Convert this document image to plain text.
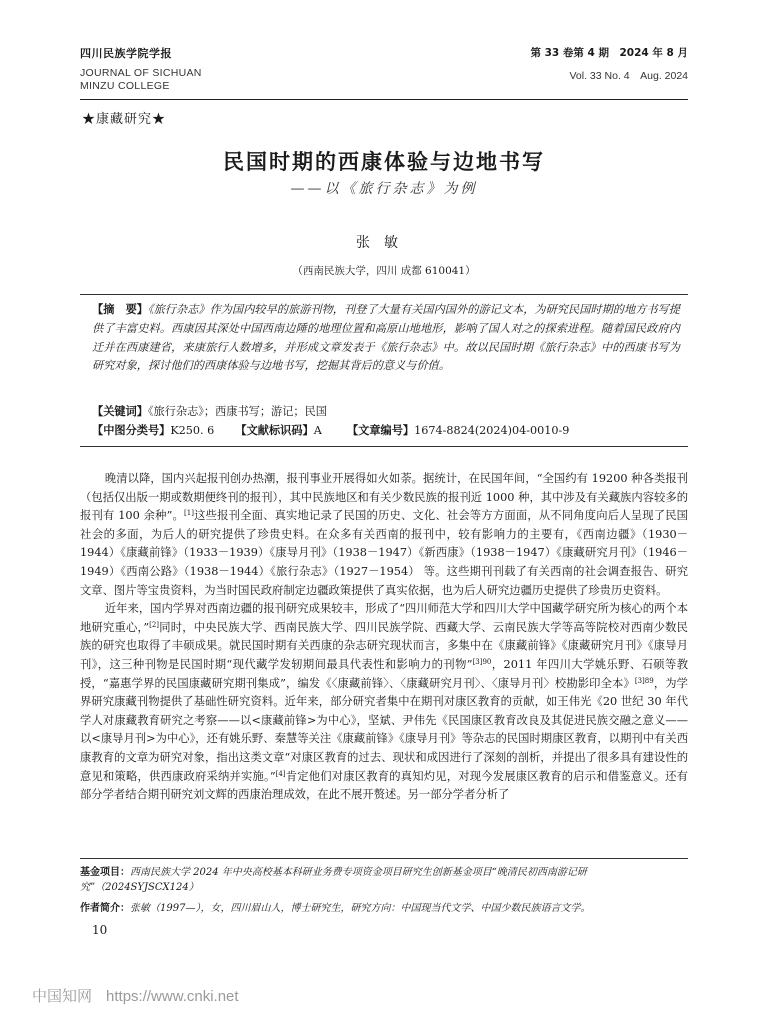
四川民族学院学报
JOURNAL OF SICHUAN
MINZU COLLEGE
第 33 卷第 4 期　2024 年 8 月
Vol. 33 No. 4　Aug. 2024
★康藏研究★
民国时期的西康体验与边地书写
——以《旅行杂志》为例
张敏
（西南民族大学，四川 成都 610041）
【摘　要】《旅行杂志》作为国内较早的旅游刊物，刊登了大量有关国内国外的游记文本，为研究民国时期的地方书写提供了丰富史料。西康因其深处中国西南边陲的地理位置和高原山地地形，影响了国人对之的探索进程。随着国民政府内迁并在西康建省，来康旅行人数增多，并形成文章发表于《旅行杂志》中。故以民国时期《旅行杂志》中的西康书写为研究对象，探讨他们的西康体验与边地书写，挖掘其背后的意义与价值。
【关键词】《旅行杂志》；西康书写；游记；民国
【中图分类号】K250. 6 【文献标识码】A 【文章编号】1674-8824(2024)04-0010-9

晚清以降，国内兴起报刊创办热潮，报刊事业开展得如火如荼。据统计，在民国年间，“全国约有 19200 种各类报刊（包括仅出版一期或数期便终刊的报刊），其中民族地区和有关少数民族的报刊近 1000 种，其中涉及有关藏族内容较多的报刊有 100 余种”。[1]这些报刊全面、真实地记录了民国的历史、文化、社会等方方面面，从不同角度向后人呈现了民国社会的多面，为后人的研究提供了珍贵史料。在众多有关西南的报刊中，较有影响力的主要有，《西南边疆》（1930－1944）《康藏前锋》（1933－1939）《康导月刊》（1938－1947）《新西康》（1938－1947）《康藏研究月刊》（1946－1949）《西南公路》（1938－1944）《旅行杂志》（1927－1954） 等。这些期刊刊载了有关西南的社会调查报告、研究文章、图片等宝贵资料，为当时国民政府制定边疆政策提供了真实依据，也为后人研究边疆历史提供了珍贵历史资料。

近年来，国内学界对西南边疆的报刊研究成果较丰，形成了“四川师范大学和四川大学中国藏学研究所为核心的两个本地研究重心，”[2]同时，中央民族大学、西南民族大学、四川民族学院、西藏大学、云南民族大学等高等院校对西南少数民族的研究也取得了丰硕成果。就民国时期有关西康的杂志研究现状而言，多集中在《康藏前锋》《康藏研究月刊》《康导月刊》，这三种刊物是民国时期“现代藏学发轫期间最具代表性和影响力的刊物”$^{[3]90}$，2011 年四川大学姚乐野、石硕等教授，“嘉惠学界的民国康藏研究期刊集成”，编发《〈康藏前锋〉、〈康藏研究月刊〉、〈康导月刊〉校勘影印全本》$^{[3]89}$，为学界研究康藏刊物提供了基础性研究资料。近年来，部分研究者集中在期刊对康区教育的贡献，如王伟光《20 世纪 30 年代学人对康藏教育研究之考察——以<康藏前锋>为中心》，坚斌、尹伟先《民国康区教育改良及其促进民族交融之意义——以<康导月刊>为中心》，还有姚乐野、秦慧等关注《康藏前锋》《康导月刊》等杂志的民国时期康区教育，以期刊中有关西康教育的文章为研究对象，指出这类文章“对康区教育的过去、现状和成因进行了深刻的剖析，并提出了很多具有建设性的意见和策略，供西康政府采纳并实施。”[4]肯定他们对康区教育的真知灼见，对现今发展康区教育的启示和借鉴意义。还有部分学者结合期刊研究刘文辉的西康治理成效，在此不展开赘述。另一部分学者分析了

基金项目：西南民族大学 2024 年中央高校基本科研业务费专项资金项目研究生创新基金项目“晚清民初西南游记研究”（2024SYJSCX124）
作者简介：张敏（1997—），女，四川眉山人，博士研究生，研究方向：中国现当代文学、中国少数民族语言文学。
10
中国知网 https://www.cnki.net
